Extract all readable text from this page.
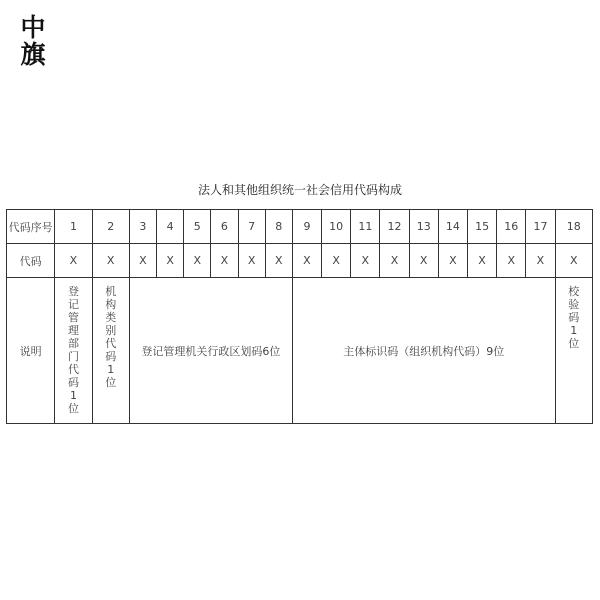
中
旗
法人和其他组织统一社会信用代码构成
代码序号	1	2	3	4	5	6	7	8	9	10	11	12	13	14	15	16	17	18
代码	X	X	X	X	X	X	X	X	X	X	X	X	X	X	X	X	X	X
说明	登记管理部门代码1位	机构类别代码1位	登记管理机关行政区划码6位						主体标识码（组织机构代码）9位									校验码1位
